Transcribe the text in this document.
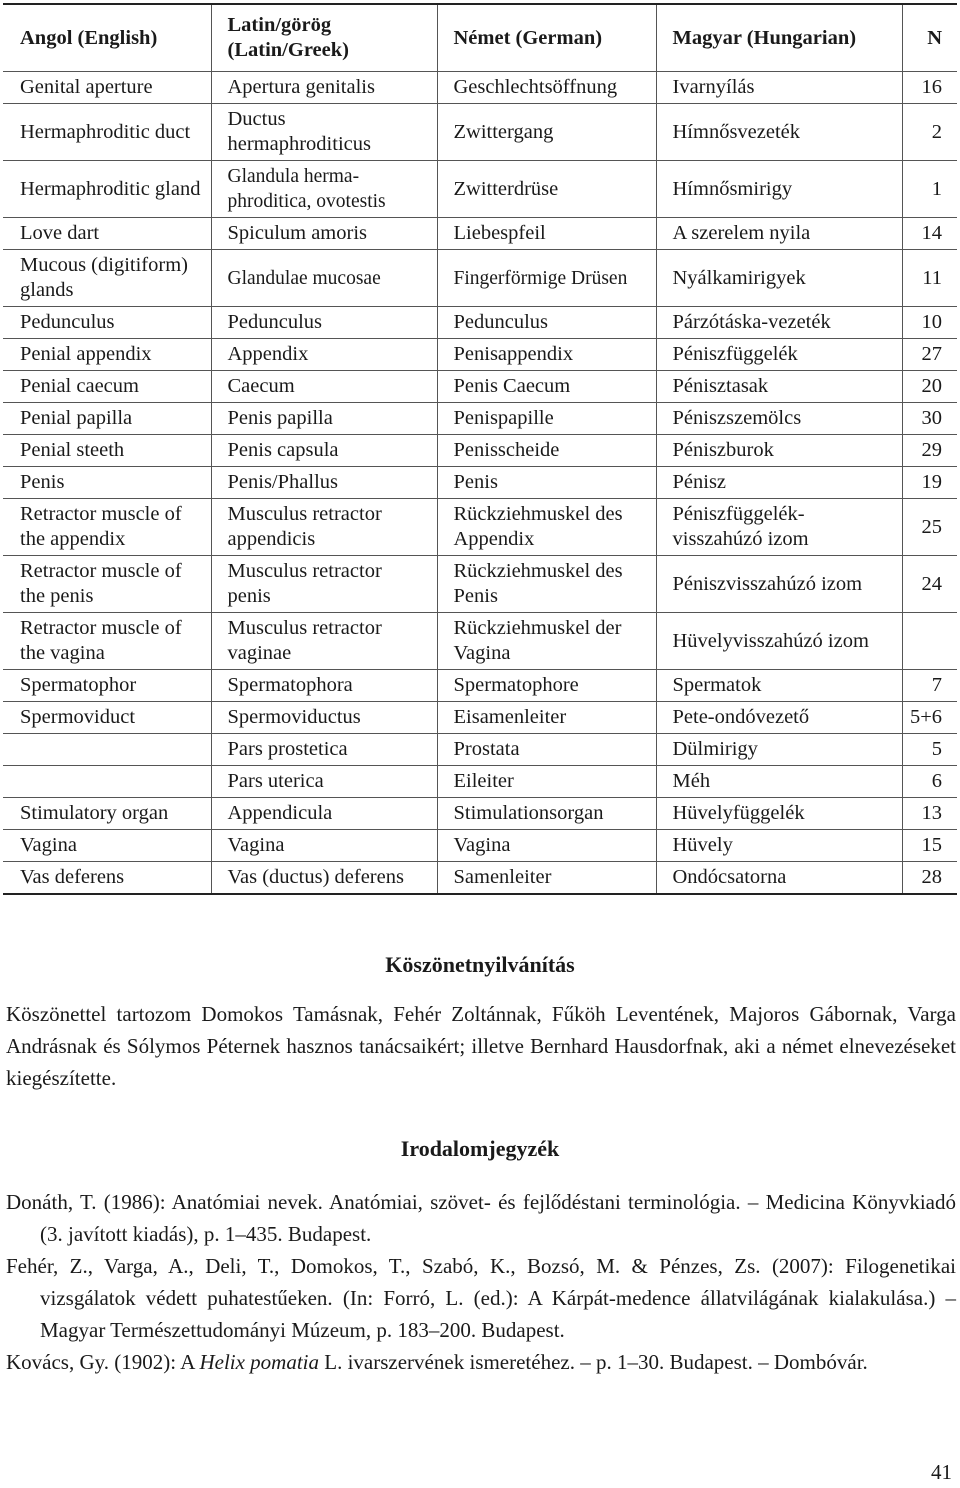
Angol (English)	Latin/görög (Latin/Greek)	Német (German)	Magyar (Hungarian)	N
Genital aperture	Apertura genitalis	Geschlechtsöffnung	Ivarnyílás	16
Hermaphroditic duct	Ductus hermaphroditicus	Zwittergang	Hímnősvezeték	2
Hermaphroditic gland	Glandula herma-phroditica, ovotestis	Zwitterdrüse	Hímnősmirigy	1
Love dart	Spiculum amoris	Liebespfeil	A szerelem nyila	14
Mucous (digitiform) glands	Glandulae mucosae	Fingerförmige Drüsen	Nyálkamirigyek	11
Pedunculus	Pedunculus	Pedunculus	Párzótáska-vezeték	10
Penial appendix	Appendix	Penisappendix	Péniszfüggelék	27
Penial caecum	Caecum	Penis Caecum	Pénisztasak	20
Penial papilla	Penis papilla	Penispapille	Péniszszemölcs	30
Penial steeth	Penis capsula	Penisscheide	Péniszburok	29
Penis	Penis/Phallus	Penis	Pénisz	19
Retractor muscle of the appendix	Musculus retractor appendicis	Rückziehmuskel des Appendix	Péniszfüggelék-visszahúzó izom	25
Retractor muscle of the penis	Musculus retractor penis	Rückziehmuskel des Penis	Péniszvisszahúzó izom	24
Retractor muscle of the vagina	Musculus retractor vaginae	Rückziehmuskel der Vagina	Hüvelyvisszahúzó izom	
Spermatophor	Spermatophora	Spermatophore	Spermatok	7
Spermoviduct	Spermoviductus	Eisamenleiter	Pete-ondóvezető	5+6
	Pars prostetica	Prostata	Dülmirigy	5
	Pars uterica	Eileiter	Méh	6
Stimulatory organ	Appendicula	Stimulationsorgan	Hüvelyfüggelék	13
Vagina	Vagina	Vagina	Hüvely	15
Vas deferens	Vas (ductus) deferens	Samenleiter	Ondócsatorna	28
Köszönetnyilvánítás
Köszönettel tartozom Domokos Tamásnak, Fehér Zoltánnak, Fűköh Leventének, Majoros Gábornak, Varga Andrásnak és Sólymos Péternek hasznos tanácsaikért; illetve Bernhard Hausdorfnak, aki a német elnevezéseket kiegészítette.
Irodalomjegyzék
Donáth, T. (1986): Anatómiai nevek. Anatómiai, szövet- és fejlődéstani terminológia. – Medicina Könyvkiadó (3. javított kiadás), p. 1–435. Budapest.
Fehér, Z., Varga, A., Deli, T., Domokos, T., Szabó, K., Bozsó, M. & Pénzes, Zs. (2007): Filogenetikai vizsgálatok védett puhatestűeken. (In: Forró, L. (ed.): A Kárpát-medence állatvilágának kialakulása.) – Magyar Természettudományi Múzeum, p. 183–200. Budapest.
Kovács, Gy. (1902): A Helix pomatia L. ivarszervének ismeretéhez. – p. 1–30. Budapest. – Dombóvár.
41
